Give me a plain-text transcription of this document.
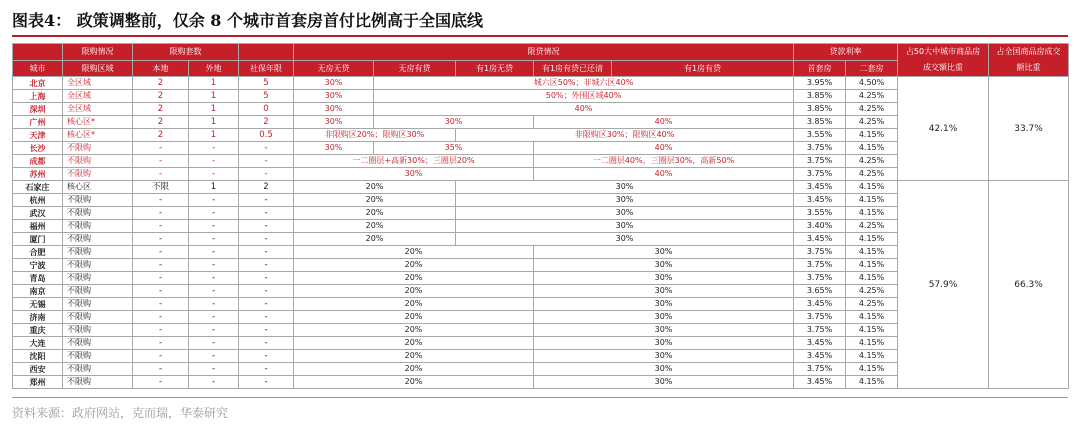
图表4： 政策调整前，仅余 8 个城市首套房首付比例高于全国底线
	限购情况	限购套数			限贷情况					贷款利率		占50大中城市商品房成交額比重	占全国商品房成交额比重
城市	限购区域	本地	外地	社保年限	无房无贷	无房有贷	有1房无贷	有1房有贷已还清	有1房有贷	首套房	二套房		
北京	全区域	2	1	5	30%	城六区50%；非城六区40%				3.95%	4.50%	42.1%	33.7%
上海	全区域	2	1	5	30%	50%；外围区域40%				3.85%	4.25%		
深圳	全区域	2	1	0	30%	40%				3.85%	4.25%		
广州	核心区*	2	1	2	30%	30%		40%		3.85%	4.25%		
天津	核心区*	2	1	0.5	非限购区20%；限购区30%		非限购区30%；限购区40%			3.55%	4.15%		
长沙	不限购	-	-	-	30%	35%		40%		3.75%	4.15%		
成都	不限购	-	-	-	一二圈层+高新30%；三圈层20%			一二圈层40%，三圈层30%，高新50%		3.75%	4.25%		
苏州	不限购	-	-	-	30%			40%		3.75%	4.25%		
石家庄	核心区	不限	1	2	20%		30%			3.45%	4.15%	57.9%	66.3%
杭州	不限购	-	-	-	20%		30%			3.45%	4.15%		
武汉	不限购	-	-	-	20%		30%			3.55%	4.15%		
福州	不限购	-	-	-	20%		30%			3.40%	4.25%		
厦门	不限购	-	-	-	20%		30%			3.45%	4.15%		
合肥	不限购	-	-	-	20%			30%		3.75%	4.15%		
宁波	不限购	-	-	-	20%			30%		3.75%	4.15%		
青岛	不限购	-	-	-	20%			30%		3.75%	4.15%		
南京	不限购	-	-	-	20%			30%		3.65%	4.25%		
无锡	不限购	-	-	-	20%			30%		3.45%	4.25%		
济南	不限购	-	-	-	20%			30%		3.75%	4.15%		
重庆	不限购	-	-	-	20%			30%		3.75%	4.15%		
大连	不限购	-	-	-	20%			30%		3.45%	4.15%		
沈阳	不限购	-	-	-	20%			30%		3.45%	4.15%		
西安	不限购	-	-	-	20%			30%		3.75%	4.15%		
郑州	不限购	-	-	-	20%			30%		3.45%	4.15%		
资料来源：政府网站，克而瑞，华泰研究
